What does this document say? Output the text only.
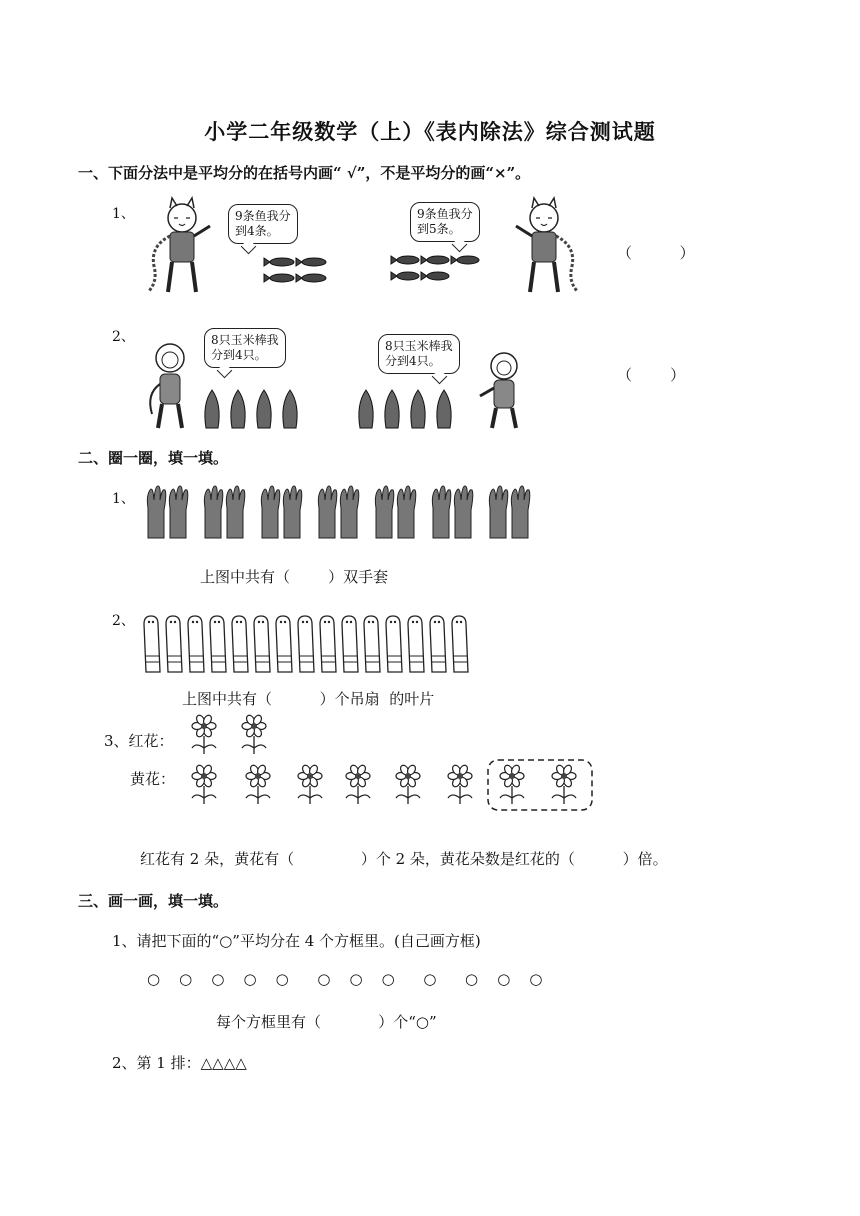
小学二年级数学（上）《表内除法》综合测试题
一、下面分法中是平均分的在括号内画“ √”，不是平均分的画“×”。
1、	9条鱼我分
到4条。
9条鱼我分
到5条。
（          ）
2、	8只玉米棒我
分到4只。
8只玉米棒我
分到4只。
（        ）
二、圈一圈，填一填。
1、
上图中共有（        ）双手套
2、
上图中共有（          ）个吊扇  的叶片
3、红花：
黄花：
红花有 2 朵，黄花有（              ）个 2 朵，黄花朵数是红花的（          ）倍。
三、画一画，填一填。
1、请把下面的“○”平均分在 4 个方框里。(自己画方框)
○    ○    ○    ○    ○      ○    ○    ○      ○      ○    ○    ○
每个方框里有（            ）个“○”
2、第 1 排：△△△△
